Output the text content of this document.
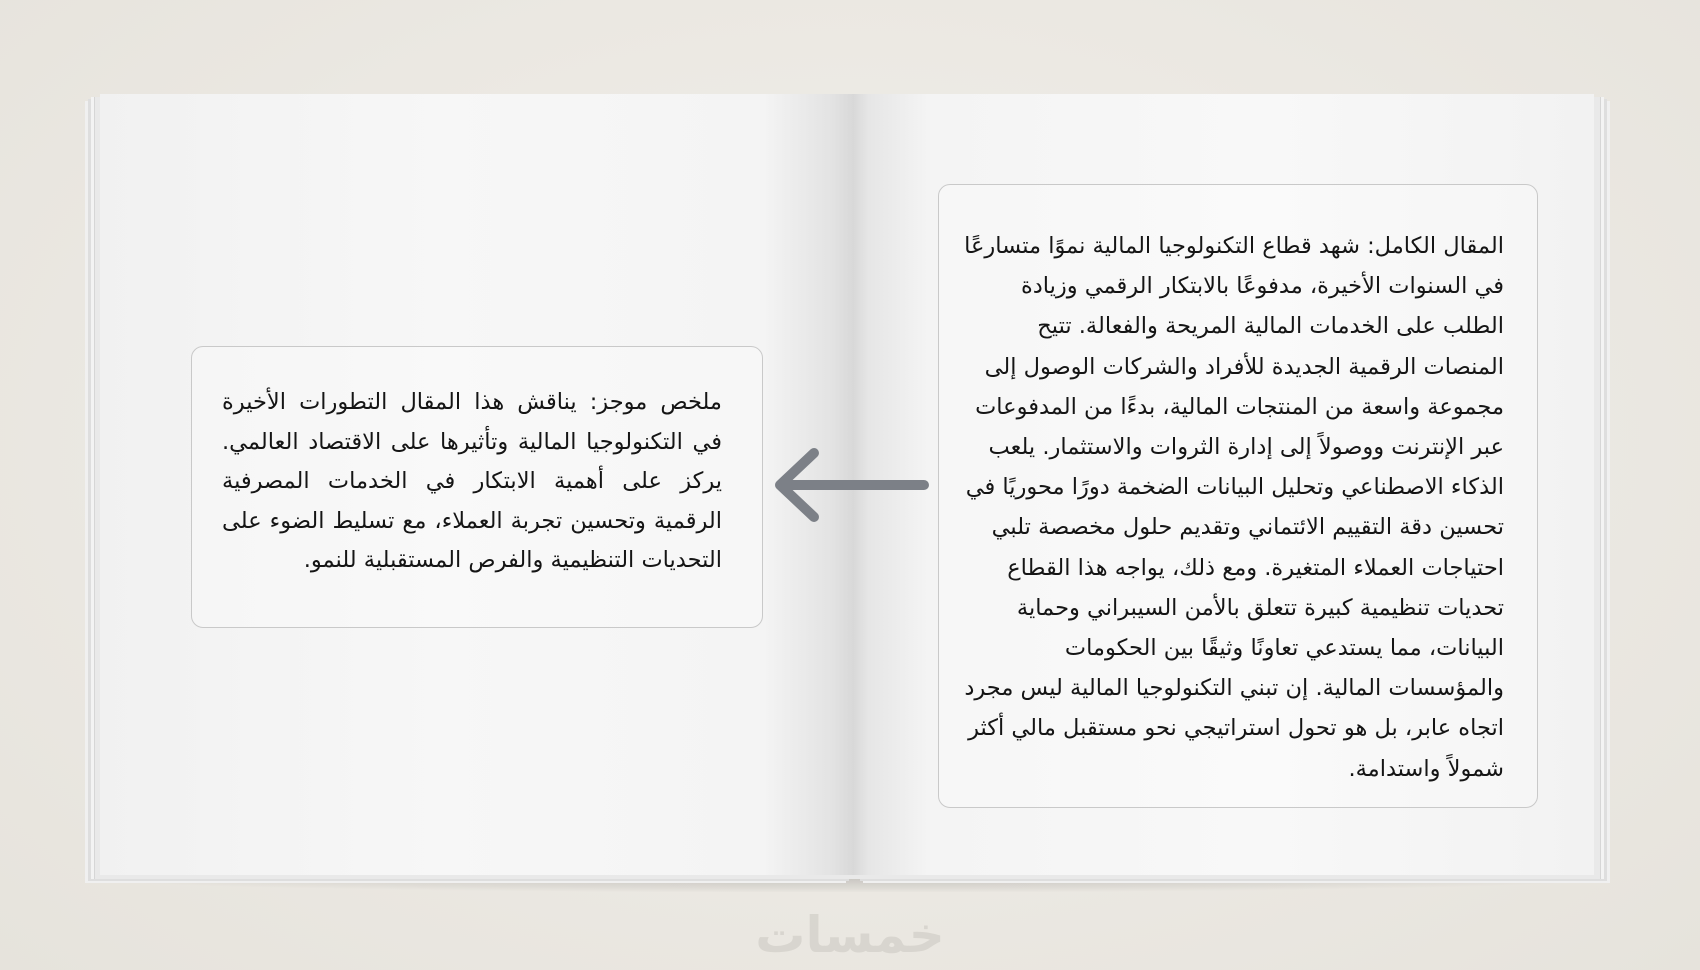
ملخص موجز: يناقش هذا المقال التطورات الأخيرة في التكنولوجيا المالية وتأثيرها على الاقتصاد العالمي. يركز على أهمية الابتكار في الخدمات المصرفية الرقمية وتحسين تجربة العملاء، مع تسليط الضوء على التحديات التنظيمية والفرص المستقبلية للنمو.
المقال الكامل: شهد قطاع التكنولوجيا المالية نموًا متسارعًا في السنوات الأخيرة، مدفوعًا بالابتكار الرقمي وزيادة الطلب على الخدمات المالية المريحة والفعالة. تتيح المنصات الرقمية الجديدة للأفراد والشركات الوصول إلى مجموعة واسعة من المنتجات المالية، بدءًا من المدفوعات عبر الإنترنت ووصولاً إلى إدارة الثروات والاستثمار. يلعب الذكاء الاصطناعي وتحليل البيانات الضخمة دورًا محوريًا في تحسين دقة التقييم الائتماني وتقديم حلول مخصصة تلبي احتياجات العملاء المتغيرة. ومع ذلك، يواجه هذا القطاع تحديات تنظيمية كبيرة تتعلق بالأمن السيبراني وحماية البيانات، مما يستدعي تعاونًا وثيقًا بين الحكومات والمؤسسات المالية. إن تبني التكنولوجيا المالية ليس مجرد اتجاه عابر، بل هو تحول استراتيجي نحو مستقبل مالي أكثر شمولاً واستدامة.
خمسات
